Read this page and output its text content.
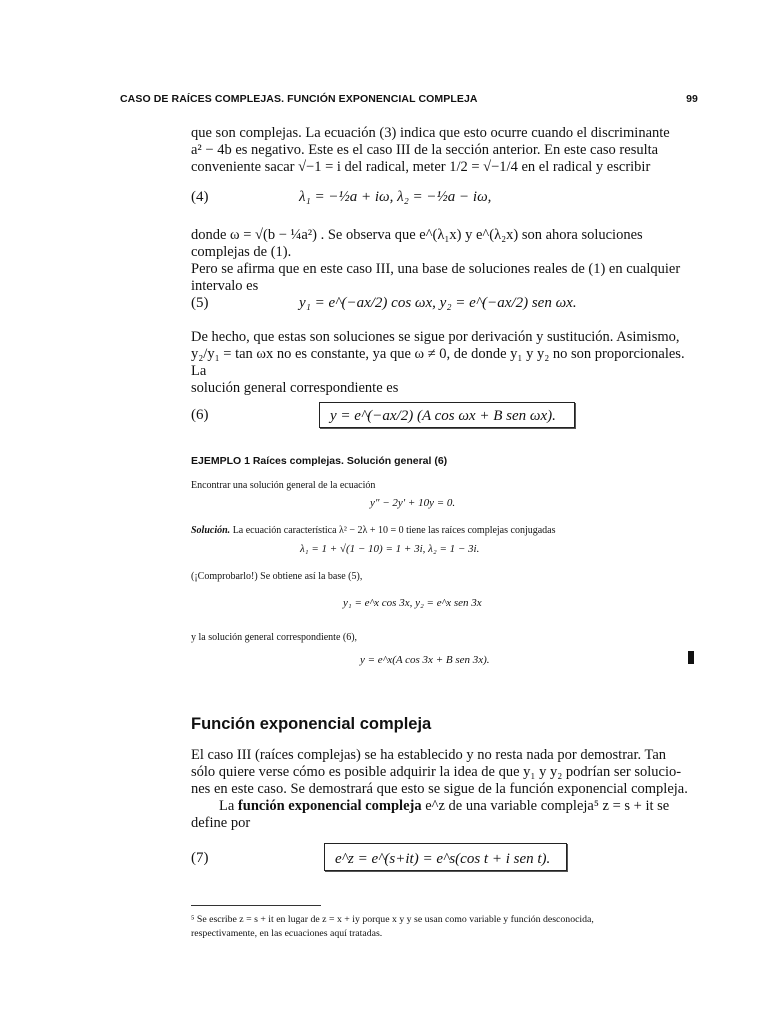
CASO DE RAÍCES COMPLEJAS. FUNCIÓN EXPONENCIAL COMPLEJA	99
que son complejas. La ecuación (3) indica que esto ocurre cuando el discriminante
a² − 4b es negativo. Este es el caso III de la sección anterior. En este caso resulta
conveniente sacar √−1 = i del radical, meter 1/2 = √−1/4 en el radical y escribir
(4)	λ₁ = −½a + iω, λ₂ = −½a − iω,
donde ω = √(b − ¼a²) . Se observa que e^(λ₁x) y e^(λ₂x) son ahora soluciones complejas de (1).
Pero se afirma que en este caso III, una base de soluciones reales de (1) en cualquier
intervalo es
(5)	y₁ = e^(−ax/2) cos ωx, y₂ = e^(−ax/2) sen ωx.
De hecho, que estas son soluciones se sigue por derivación y sustitución. Asimismo,
y₂/y₁ = tan ωx no es constante, ya que ω ≠ 0, de donde y₁ y y₂ no son proporcionales. La
solución general correspondiente es
(6)	y = e^(−ax/2) (A cos ωx + B sen ωx).
EJEMPLO 1 Raíces complejas. Solución general (6)
Encontrar una solución general de la ecuación
y″ − 2y′ + 10y = 0.
Solución. La ecuación característica λ² − 2λ + 10 = 0 tiene las raíces complejas conjugadas
λ₁ = 1 + √(1 − 10) = 1 + 3i, λ₂ = 1 − 3i.
(¡Comprobarlo!) Se obtiene así la base (5),
y₁ = e^x cos 3x, y₂ = e^x sen 3x
y la solución general correspondiente (6),
y = e^x(A cos 3x + B sen 3x).
Función exponencial compleja
El caso III (raíces complejas) se ha establecido y no resta nada por demostrar. Tan
sólo quiere verse cómo es posible adquirir la idea de que y₁ y y₂ podrían ser solucio-
nes en este caso. Se demostrará que esto se sigue de la función exponencial compleja.
La función exponencial compleja e^z de una variable compleja⁵ z = s + it se
define por
(7)	e^z = e^(s+it) = e^s(cos t + i sen t).
⁵ Se escribe z = s + it en lugar de z = x + iy porque x y y se usan como variable y función desconocida,
respectivamente, en las ecuaciones aquí tratadas.
